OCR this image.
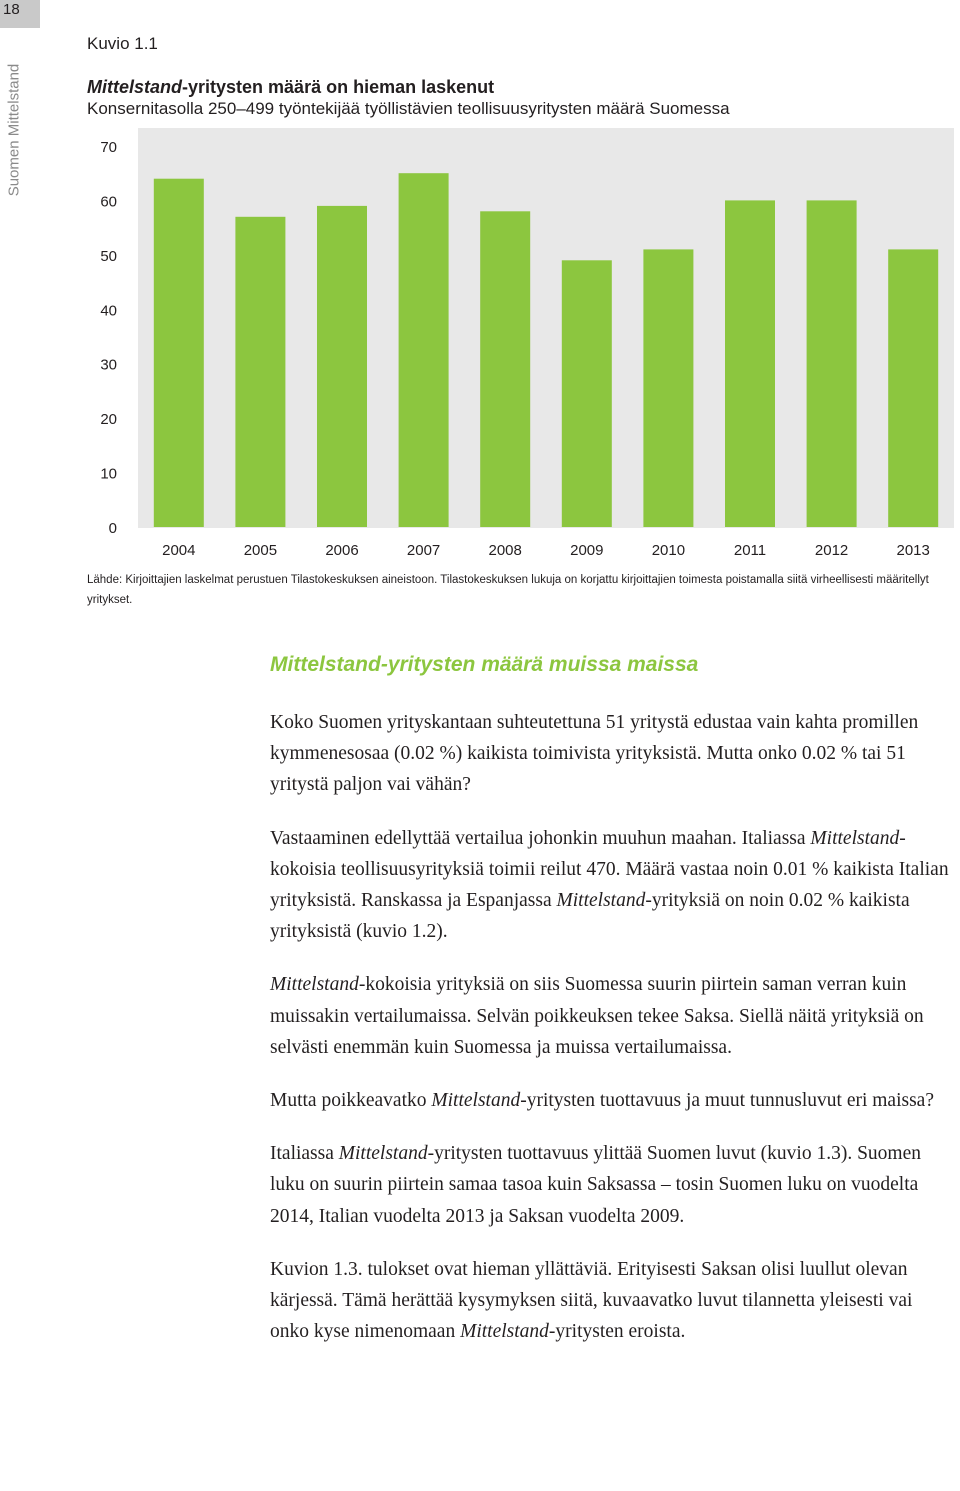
18
Suomen Mittelstand
Kuvio 1.1
Mittelstand-yritysten määrä on hieman laskenut
Konsernitasolla 250–499 työntekijää työllistävien teollisuusyritysten määrä Suomessa
0
10
20
30
40
50
60
70
2004	2005	2006	2007	2008	2009	2010	2011	2012	2013
Lähde: Kirjoittajien laskelmat perustuen Tilastokeskuksen aineistoon. Tilastokeskuksen lukuja on korjattu kirjoittajien toimesta poistamalla siitä virheellisesti määritellyt yritykset.
Mittelstand-yritysten määrä muissa maissa

Koko Suomen yrityskantaan suhteutettuna 51 yritystä edustaa vain kahta promillen kymmenesosaa (0.02 %) kaikista toimivista yrityksistä. Mutta onko 0.02 % tai 51 yritystä paljon vai vähän?

Vastaaminen edellyttää vertailua johonkin muuhun maahan. Italiassa Mittelstand-kokoisia teollisuusyrityksiä toimii reilut 470. Määrä vastaa noin 0.01 % kaikista Italian yrityksistä. Ranskassa ja Espanjassa Mittelstand-yrityksiä on noin 0.02 % kaikista yrityksistä (kuvio 1.2).

Mittelstand-kokoisia yrityksiä on siis Suomessa suurin piirtein saman verran kuin muissakin vertailumaissa. Selvän poikkeuksen tekee Saksa. Siellä näitä yrityksiä on selvästi enemmän kuin Suomessa ja muissa vertailumaissa.

Mutta poikkeavatko Mittelstand-yritysten tuottavuus ja muut tunnusluvut eri maissa?

Italiassa Mittelstand-yritysten tuottavuus ylittää Suomen luvut (kuvio 1.3). Suomen luku on suurin piirtein samaa tasoa kuin Saksassa – tosin Suomen luku on vuodelta 2014, Italian vuodelta 2013 ja Saksan vuodelta 2009.

Kuvion 1.3. tulokset ovat hieman yllättäviä. Erityisesti Saksan olisi luullut olevan kärjessä. Tämä herättää kysymyksen siitä, kuvaavatko luvut tilannetta yleisesti vai onko kyse nimenomaan Mittelstand-yritysten eroista.
